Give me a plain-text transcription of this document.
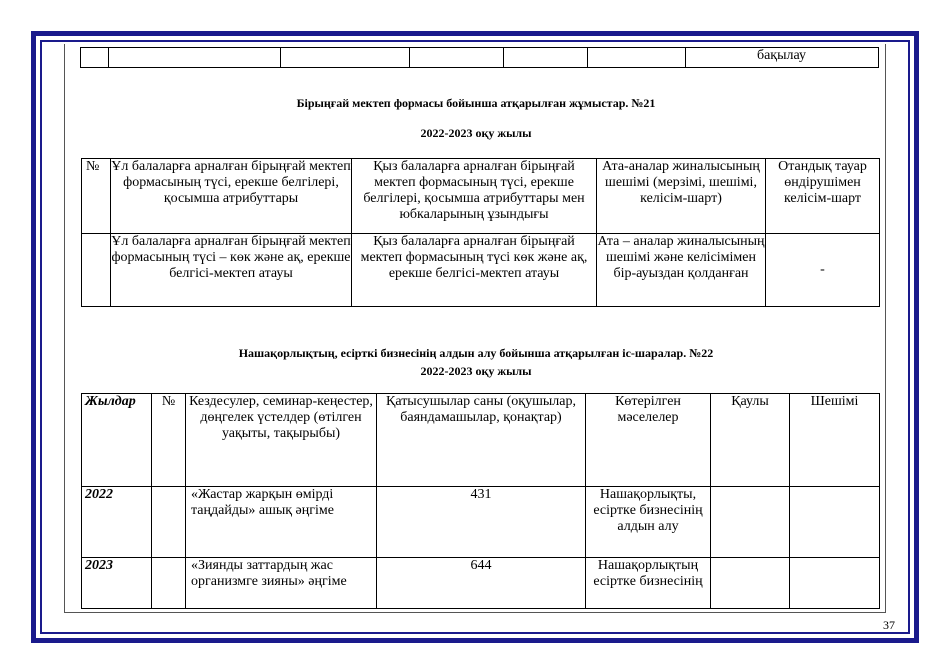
						бақылау
Бірыңғай мектеп формасы бойынша атқарылған жұмыстар. №21
2022-2023 оқу жылы
№	Ұл балаларға арналған бірыңғай мектеп формасының түсі, ерекше белгілері, қосымша атрибуттары	Қыз балаларға арналған бірыңғай мектеп формасының түсі, ерекше белгілері, қосымша атрибуттары мен юбкаларының ұзындығы	Ата-аналар жиналысының шешімі (мерзімі, шешімі, келісім-шарт)	Отандық тауар өндірушімен келісім-шарт
	Ұл балаларға арналған бірыңғай мектеп формасының түсі – көк және ақ, ерекше белгісі-мектеп атауы	Қыз балаларға арналған бірыңғай мектеп формасының түсі көк және ақ, ерекше белгісі-мектеп атауы	Ата – аналар жиналысының шешімі және келісімімен бір-ауыздан қолданған	-
Нашақорлықтың, есірткі бизнесінің алдын алу бойынша атқарылған іс-шаралар. №22
2022-2023 оқу жылы
Жылдар	№	Кездесулер, семинар-кеңестер, дөңгелек үстелдер (өтілген уақыты, тақырыбы)	Қатысушылар саны (оқушылар, баяндамашылар, қонақтар)	Көтерілген мәселелер	Қаулы	Шешімі
2022		«Жастар жарқын өмірді таңдайды» ашық әңгіме	431	Нашақорлықты, есірткe бизнесінің алдын алу		
2023		«Зиянды заттардың жас организмге зияны» әңгіме	644	Нашақорлықтың есірткe бизнесінің		
37
